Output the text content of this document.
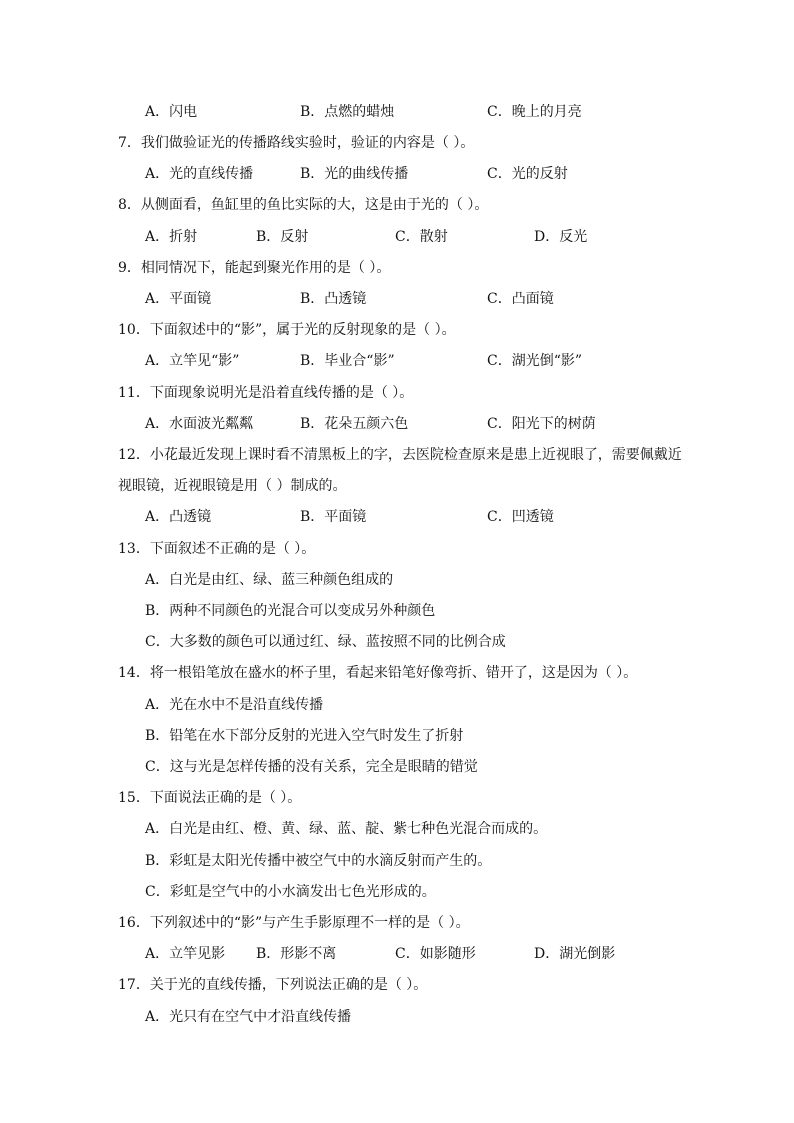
A．闪电	B．点燃的蜡烛	C．晚上的月亮
7．我们做验证光的传播路线实验时，验证的内容是（ ）。
A．光的直线传播	B．光的曲线传播	C．光的反射
8．从侧面看，鱼缸里的鱼比实际的大，这是由于光的（ ）。
A．折射	B．反射	C．散射	D．反光
9．相同情况下，能起到聚光作用的是（ ）。
A．平面镜	B．凸透镜	C．凸面镜
10．下面叙述中的“影”，属于光的反射现象的是（ ）。
A．立竿见“影”	B．毕业合“影”	C．湖光倒“影”
11．下面现象说明光是沿着直线传播的是（ ）。
A．水面波光粼粼	B．花朵五颜六色	C．阳光下的树荫
12．小花最近发现上课时看不清黑板上的字，去医院检查原来是患上近视眼了，需要佩戴近
视眼镜，近视眼镜是用（ ）制成的。
A．凸透镜	B．平面镜	C．凹透镜
13．下面叙述不正确的是（ ）。
A．白光是由红、绿、蓝三种颜色组成的
B．两种不同颜色的光混合可以变成另外种颜色
C．大多数的颜色可以通过红、绿、蓝按照不同的比例合成
14．将一根铅笔放在盛水的杯子里，看起来铅笔好像弯折、错开了，这是因为（ ）。
A．光在水中不是沿直线传播
B．铅笔在水下部分反射的光进入空气时发生了折射
C．这与光是怎样传播的没有关系，完全是眼睛的错觉
15．下面说法正确的是（ ）。
A．白光是由红、橙、黄、绿、蓝、靛、紫七种色光混合而成的。
B．彩虹是太阳光传播中被空气中的水滴反射而产生的。
C．彩虹是空气中的小水滴发出七色光形成的。
16．下列叙述中的“影”与产生手影原理不一样的是（ ）。
A．立竿见影 B．形影不离	C．如影随形	D．湖光倒影
17．关于光的直线传播，下列说法正确的是（ ）。
A．光只有在空气中才沿直线传播
